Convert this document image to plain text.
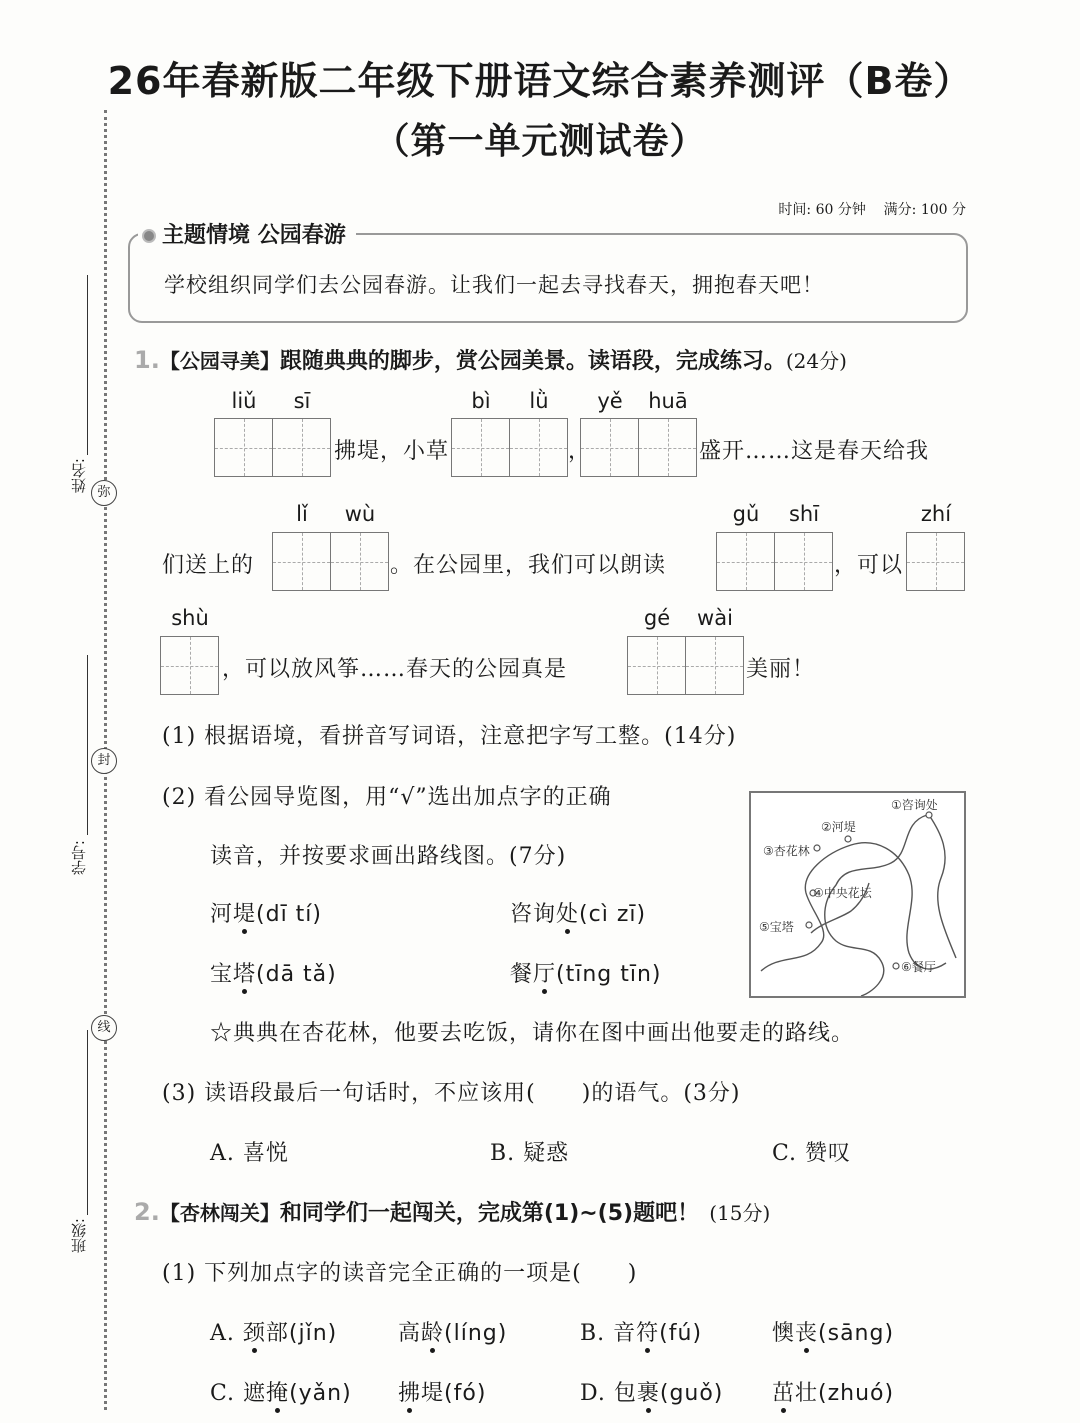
26年春新版二年级下册语文综合素养测评（B卷）
（第一单元测试卷）
姓名: 弥
学号:
封
线
班级:
时间: 60 分钟 满分: 100 分
主题情境 公园春游
学校组织同学们去公园春游。让我们一起去寻找春天，拥抱春天吧！
1.【公园寻美】跟随典典的脚步，赏公园美景。读语段，完成练习。(24分)
liǔ	sī
拂堤，小草
bì	lǜ
，
yě	huā
盛开……这是春天给我
们送上的
lǐ	wù
。在公园里，我们可以朗读
gǔ	shī
，可以
zhí
shù
，可以放风筝……春天的公园真是
gé	wài
美丽！
(1) 根据语境，看拼音写词语，注意把字写工整。(14分)
(2) 看公园导览图，用“√”选出加点字的正确
读音，并按要求画出路线图。(7分)
河堤(dī tí)	咨询处(cì zī)
宝塔(dā tǎ)	餐厅(tīng tīn)
①咨询处
②河堤
③杏花林
④中央花坛
⑤宝塔
⑥餐厅
☆典典在杏花林，他要去吃饭，请你在图中画出他要走的路线。
(3) 读语段最后一句话时，不应该用(　　)的语气。(3分)
A. 喜悦	B. 疑惑	C. 赞叹
2.【杏林闯关】和同学们一起闯关，完成第(1)~(5)题吧！ (15分)
(1) 下列加点字的读音完全正确的一项是(　　)
A. 颈部(jǐn)	高龄(líng)	B. 音符(fú)	懊丧(sāng)
C. 遮掩(yǎn) 拂堤(fó)	D. 包裹(guǒ) 茁壮(zhuó)
